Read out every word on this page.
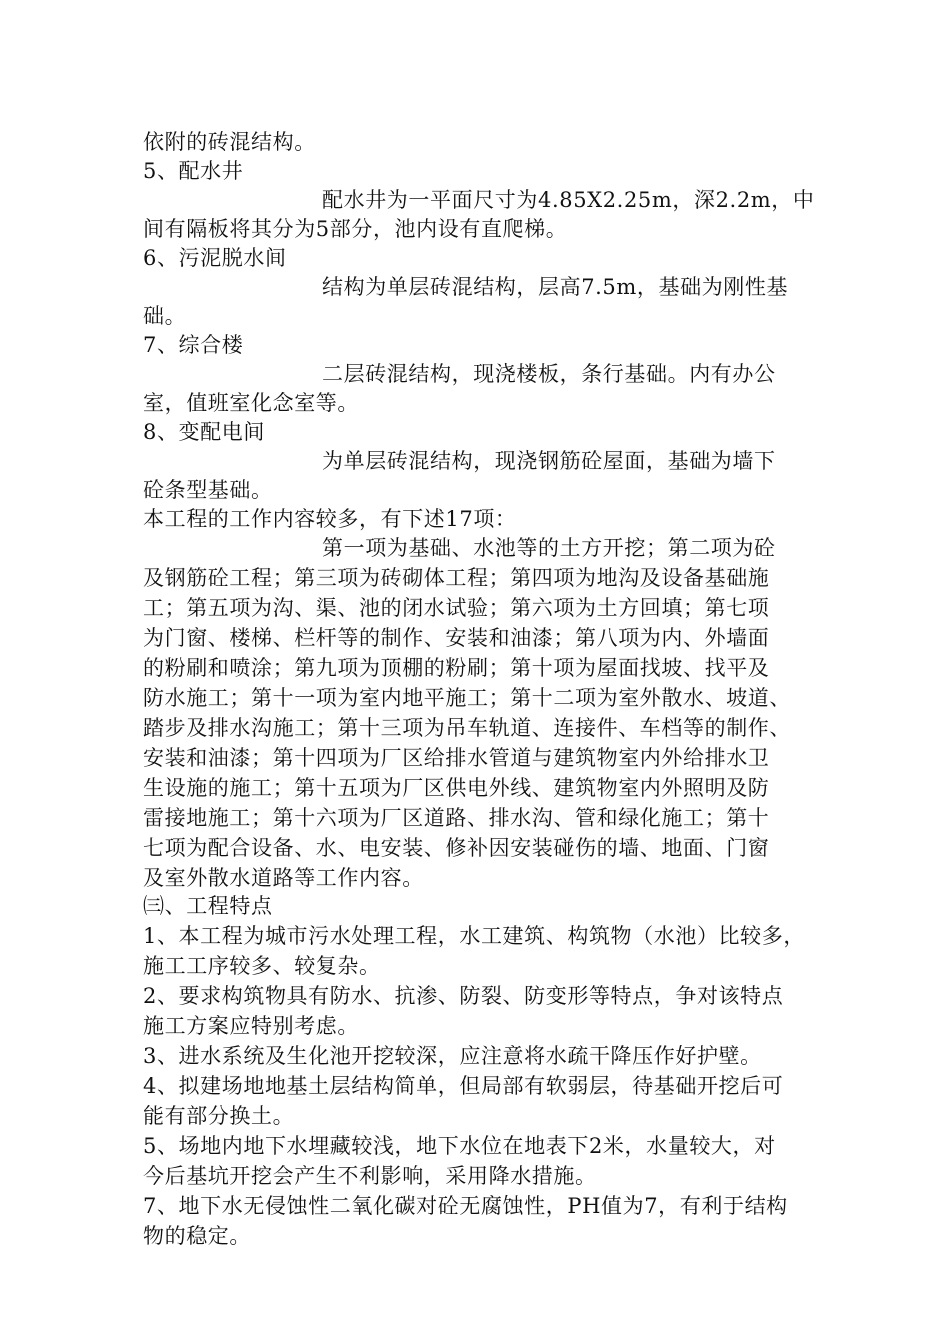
依附的砖混结构。
5、配水井
配水井为一平面尺寸为4.85X2.25m，深2.2m，中
间有隔板将其分为5部分，池内设有直爬梯。
6、污泥脱水间
结构为单层砖混结构，层高7.5m，基础为刚性基
础。
7、综合楼
二层砖混结构，现浇楼板，条行基础。内有办公
室，值班室化念室等。
8、变配电间
为单层砖混结构，现浇钢筋砼屋面，基础为墙下
砼条型基础。
本工程的工作内容较多，有下述17项：
第一项为基础、水池等的土方开挖；第二项为砼
及钢筋砼工程；第三项为砖砌体工程；第四项为地沟及设备基础施
工；第五项为沟、渠、池的闭水试验；第六项为土方回填；第七项
为门窗、楼梯、栏杆等的制作、安装和油漆；第八项为内、外墙面
的粉刷和喷涂；第九项为顶棚的粉刷；第十项为屋面找坡、找平及
防水施工；第十一项为室内地平施工；第十二项为室外散水、坡道、
踏步及排水沟施工；第十三项为吊车轨道、连接件、车档等的制作、
安装和油漆；第十四项为厂区给排水管道与建筑物室内外给排水卫
生设施的施工；第十五项为厂区供电外线、建筑物室内外照明及防
雷接地施工；第十六项为厂区道路、排水沟、管和绿化施工；第十
七项为配合设备、水、电安装、修补因安装碰伤的墙、地面、门窗
及室外散水道路等工作内容。
㈢、工程特点
1、本工程为城市污水处理工程，水工建筑、构筑物（水池）比较多，
施工工序较多、较复杂。
2、要求构筑物具有防水、抗渗、防裂、防变形等特点，争对该特点
施工方案应特别考虑。
3、进水系统及生化池开挖较深，应注意将水疏干降压作好护壁。
4、拟建场地地基土层结构简单，但局部有软弱层，待基础开挖后可
能有部分换土。
5、场地内地下水埋藏较浅，地下水位在地表下2米，水量较大，对
今后基坑开挖会产生不利影响，采用降水措施。
7、地下水无侵蚀性二氧化碳对砼无腐蚀性，PH值为7，有利于结构
物的稳定。
